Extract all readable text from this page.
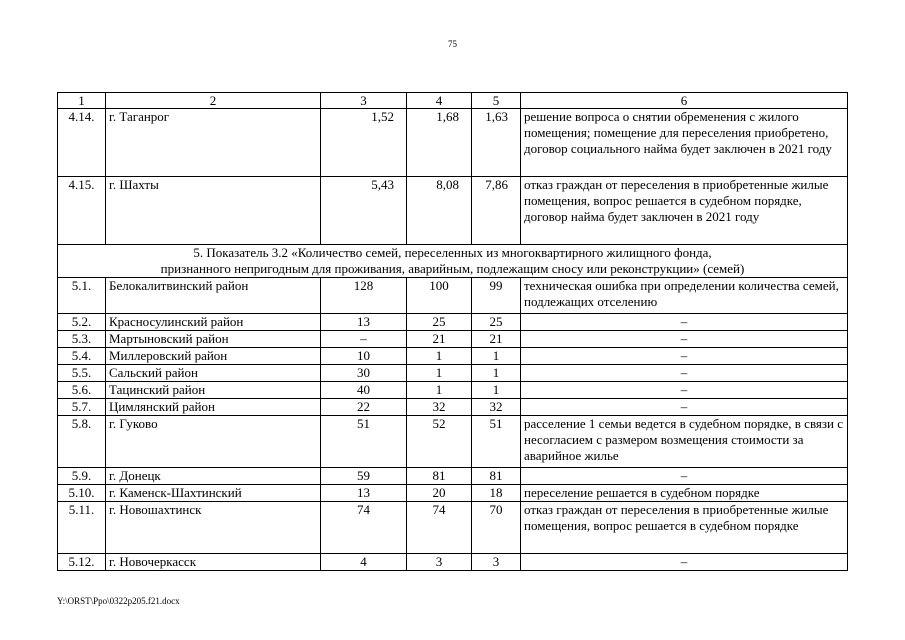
75
1	2	3	4	5	6
4.14.	г. Таганрог	1,52	1,68	1,63	решение вопроса о снятии обременения с жилого помещения; помещение для переселения приобретено, договор социального найма будет заключен в 2021 году
4.15.	г. Шахты	5,43	8,08	7,86	отказ граждан от переселения в приобретенные жилые помещения, вопрос решается в судебном порядке, договор найма будет заключен в 2021 году

5. Показатель 3.2 «Количество семей, переселенных из многоквартирного жилищного фонда,
признанного непригодным для проживания, аварийным, подлежащим сносу или реконструкции» (семей)					

5.1.	Белокалитвинский район	128	100	99	техническая ошибка при определении количества семей, подлежащих отселению
5.2.	Красносулинский район	13	25	25	–
5.3.	Мартыновский район	–	21	21	–
5.4.	Миллеровский район	10	1	1	–
5.5.	Сальский район	30	1	1	–
5.6.	Тацинский район	40	1	1	–
5.7.	Цимлянский район	22	32	32	–
5.8.	г. Гуково	51	52	51	расселение 1 семьи ведется в судебном порядке, в связи с несогласием с размером возмещения стоимости за аварийное жилье
5.9.	г. Донецк	59	81	81	–
5.10.	г. Каменск-Шахтинский	13	20	18	переселение решается в судебном порядке
5.11.	г. Новошахтинск	74	74	70	отказ граждан от переселения в приобретенные жилые помещения, вопрос решается в судебном порядке
5.12.	г. Новочеркасск	4	3	3	–
Y:\ORST\Ppo\0322p205.f21.docx
